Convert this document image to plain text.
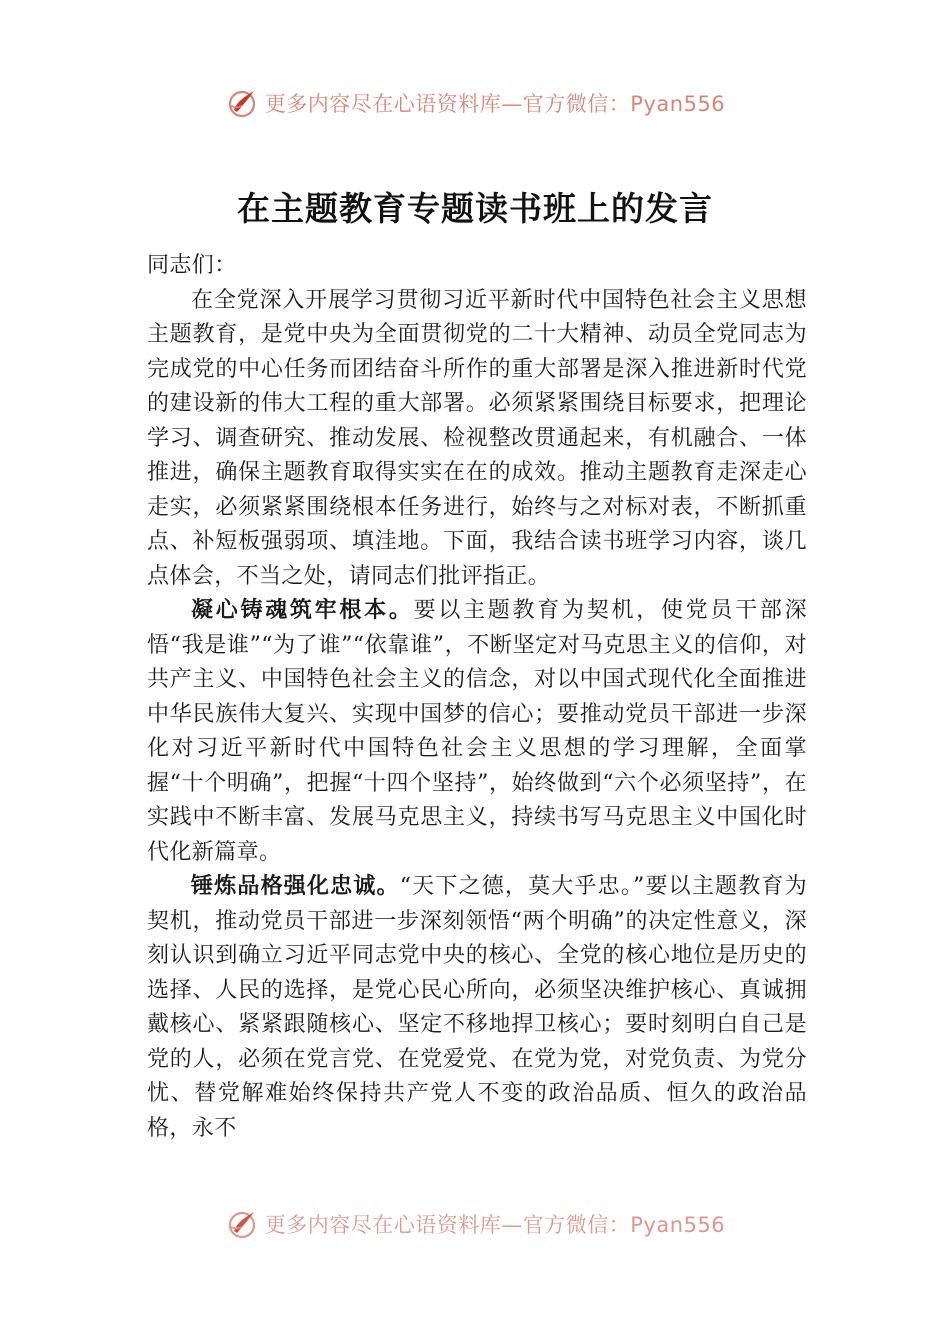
更多内容尽在心语资料库—官方微信：Pyan556
在主题教育专题读书班上的发言

同志们：

在全党深入开展学习贯彻习近平新时代中国特色社会主义思想主题教育，是党中央为全面贯彻党的二十大精神、动员全党同志为完成党的中心任务而团结奋斗所作的重大部署是深入推进新时代党的建设新的伟大工程的重大部署。必须紧紧围绕目标要求，把理论学习、调查研究、推动发展、检视整改贯通起来，有机融合、一体推进，确保主题教育取得实实在在的成效。推动主题教育走深走心走实，必须紧紧围绕根本任务进行，始终与之对标对表，不断抓重点、补短板强弱项、填洼地。下面，我结合读书班学习内容，谈几点体会，不当之处，请同志们批评指正。

凝心铸魂筑牢根本。要以主题教育为契机，使党员干部深悟“我是谁”“为了谁”“依靠谁”，不断坚定对马克思主义的信仰，对共产主义、中国特色社会主义的信念，对以中国式现代化全面推进中华民族伟大复兴、实现中国梦的信心；要推动党员干部进一步深化对习近平新时代中国特色社会主义思想的学习理解，全面掌握“十个明确”，把握“十四个坚持”，始终做到“六个必须坚持”，在实践中不断丰富、发展马克思主义，持续书写马克思主义中国化时代化新篇章。

锤炼品格强化忠诚。“天下之德，莫大乎忠。”要以主题教育为契机，推动党员干部进一步深刻领悟“两个明确”的决定性意义，深刻认识到确立习近平同志党中央的核心、全党的核心地位是历史的选择、人民的选择，是党心民心所向，必须坚决维护核心、真诚拥戴核心、紧紧跟随核心、坚定不移地捍卫核心；要时刻明白自己是党的人，必须在党言党、在党爱党、在党为党，对党负责、为党分忧、替党解难始终保持共产党人不变的政治品质、恒久的政治品格，永不

更多内容尽在心语资料库—官方微信：Pyan556
